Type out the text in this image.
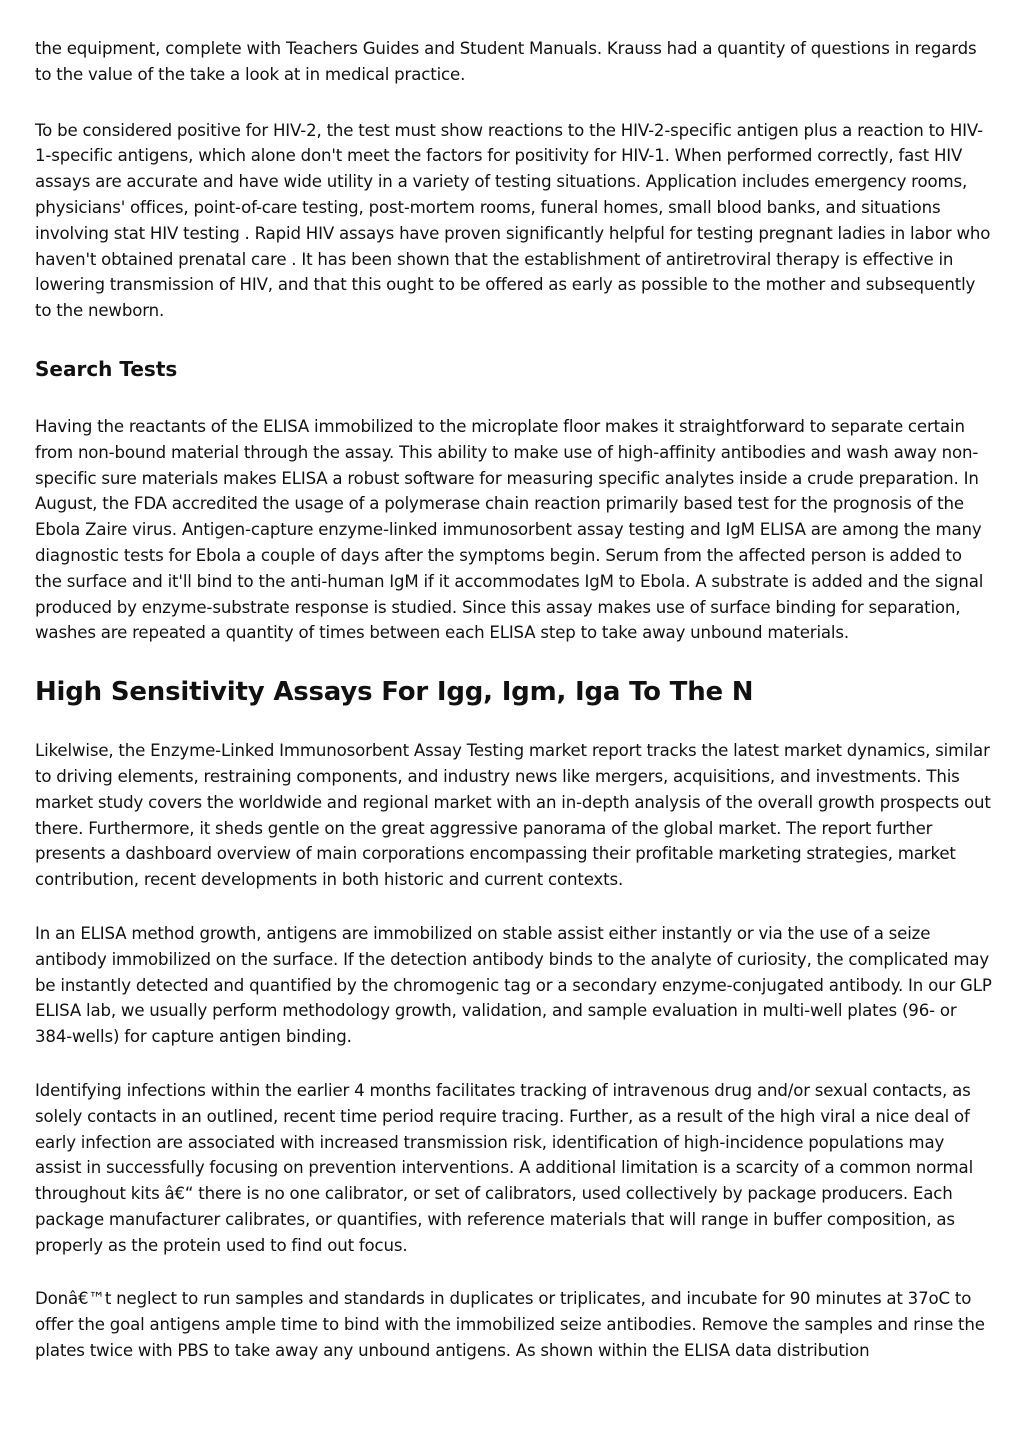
the equipment, complete with Teachers Guides and Student Manuals. Krauss had a quantity of questions in regards to the value of the take a look at in medical practice.

To be considered positive for HIV-2, the test must show reactions to the HIV-2-specific antigen plus a reaction to HIV-1-specific antigens, which alone don't meet the factors for positivity for HIV-1. When performed correctly, fast HIV assays are accurate and have wide utility in a variety of testing situations. Application includes emergency rooms, physicians' offices, point-of-care testing, post-mortem rooms, funeral homes, small blood banks, and situations involving stat HIV testing . Rapid HIV assays have proven significantly helpful for testing pregnant ladies in labor who haven't obtained prenatal care . It has been shown that the establishment of antiretroviral therapy is effective in lowering transmission of HIV, and that this ought to be offered as early as possible to the mother and subsequently to the newborn.

Search Tests

Having the reactants of the ELISA immobilized to the microplate floor makes it straightforward to separate certain from non-bound material through the assay. This ability to make use of high-affinity antibodies and wash away non-specific sure materials makes ELISA a robust software for measuring specific analytes inside a crude preparation. In August, the FDA accredited the usage of a polymerase chain reaction primarily based test for the prognosis of the Ebola Zaire virus. Antigen-capture enzyme-linked immunosorbent assay testing and IgM ELISA are among the many diagnostic tests for Ebola a couple of days after the symptoms begin. Serum from the affected person is added to the surface and it'll bind to the anti-human IgM if it accommodates IgM to Ebola. A substrate is added and the signal produced by enzyme-substrate response is studied. Since this assay makes use of surface binding for separation, washes are repeated a quantity of times between each ELISA step to take away unbound materials.

High Sensitivity Assays For Igg, Igm, Iga To The N

Likelwise, the Enzyme-Linked Immunosorbent Assay Testing market report tracks the latest market dynamics, similar to driving elements, restraining components, and industry news like mergers, acquisitions, and investments. This market study covers the worldwide and regional market with an in-depth analysis of the overall growth prospects out there. Furthermore, it sheds gentle on the great aggressive panorama of the global market. The report further presents a dashboard overview of main corporations encompassing their profitable marketing strategies, market contribution, recent developments in both historic and current contexts.

In an ELISA method growth, antigens are immobilized on stable assist either instantly or via the use of a seize antibody immobilized on the surface. If the detection antibody binds to the analyte of curiosity, the complicated may be instantly detected and quantified by the chromogenic tag or a secondary enzyme-conjugated antibody. In our GLP ELISA lab, we usually perform methodology growth, validation, and sample evaluation in multi-well plates (96- or 384-wells) for capture antigen binding.

Identifying infections within the earlier 4 months facilitates tracking of intravenous drug and/or sexual contacts, as solely contacts in an outlined, recent time period require tracing. Further, as a result of the high viral a nice deal of early infection are associated with increased transmission risk, identification of high-incidence populations may assist in successfully focusing on prevention interventions. A additional limitation is a scarcity of a common normal throughout kits â€“ there is no one calibrator, or set of calibrators, used collectively by package producers. Each package manufacturer calibrates, or quantifies, with reference materials that will range in buffer composition, as properly as the protein used to find out focus.

Donâ€™t neglect to run samples and standards in duplicates or triplicates, and incubate for 90 minutes at 37oC to offer the goal antigens ample time to bind with the immobilized seize antibodies. Remove the samples and rinse the plates twice with PBS to take away any unbound antigens. As shown within the ELISA data distribution
